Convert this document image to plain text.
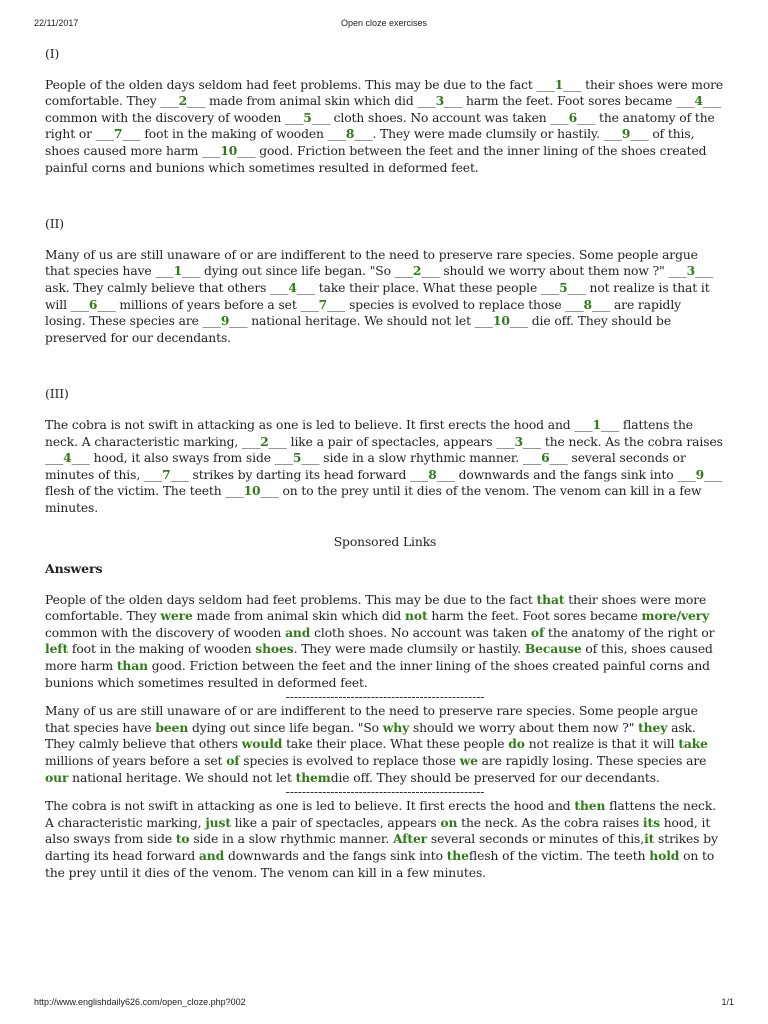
22/11/2017	Open cloze exercises
(I)

People of the olden days seldom had feet problems. This may be due to the fact ___1___ their shoes were more comfortable. They ___2___ made from animal skin which did ___3___ harm the feet. Foot sores became ___4___ common with the discovery of wooden ___5___ cloth shoes. No account was taken ___6___ the anatomy of the right or ___7___ foot in the making of wooden ___8___. They were made clumsily or hastily. ___9___ of this, shoes caused more harm ___10___ good. Friction between the feet and the inner lining of the shoes created painful corns and bunions which sometimes resulted in deformed feet.

(II)

Many of us are still unaware of or are indifferent to the need to preserve rare species. Some people argue that species have ___1___ dying out since life began. "So ___2___ should we worry about them now ?" ___3___ ask. They calmly believe that others ___4___ take their place. What these people ___5___ not realize is that it will ___6___ millions of years before a set ___7___ species is evolved to replace those ___8___ are rapidly losing. These species are ___9___ national heritage. We should not let ___10___ die off. They should be preserved for our decendants.

(III)

The cobra is not swift in attacking as one is led to believe. It first erects the hood and ___1___ flattens the neck. A characteristic marking, ___2___ like a pair of spectacles, appears ___3___ the neck. As the cobra raises ___4___ hood, it also sways from side ___5___ side in a slow rhythmic manner. ___6___ several seconds or minutes of this, ___7___ strikes by darting its head forward ___8___ downwards and the fangs sink into ___9___ flesh of the victim. The teeth ___10___ on to the prey until it dies of the venom. The venom can kill in a few minutes.

Sponsored Links
Answers

People of the olden days seldom had feet problems. This may be due to the fact that their shoes were more comfortable. They were made from animal skin which did not harm the feet. Foot sores became more/very common with the discovery of wooden and cloth shoes. No account was taken of the anatomy of the right or left foot in the making of wooden shoes. They were made clumsily or hastily. Because of this, shoes caused more harm than good. Friction between the feet and the inner lining of the shoes created painful corns and bunions which sometimes resulted in deformed feet.

-------------------------------------------------

Many of us are still unaware of or are indifferent to the need to preserve rare species. Some people argue that species have been dying out since life began. "So why should we worry about them now ?" they ask. They calmly believe that others would take their place. What these people do not realize is that it will take millions of years before a set of species is evolved to replace those we are rapidly losing. These species are our national heritage. We should not let themdie off. They should be preserved for our decendants.

-------------------------------------------------

The cobra is not swift in attacking as one is led to believe. It first erects the hood and then flattens the neck. A characteristic marking, just like a pair of spectacles, appears on the neck. As the cobra raises its hood, it also sways from side to side in a slow rhythmic manner. After several seconds or minutes of this,it strikes by darting its head forward and downwards and the fangs sink into theflesh of the victim. The teeth hold on to the prey until it dies of the venom. The venom can kill in a few minutes.

http://www.englishdaily626.com/open_cloze.php?002	1/1
